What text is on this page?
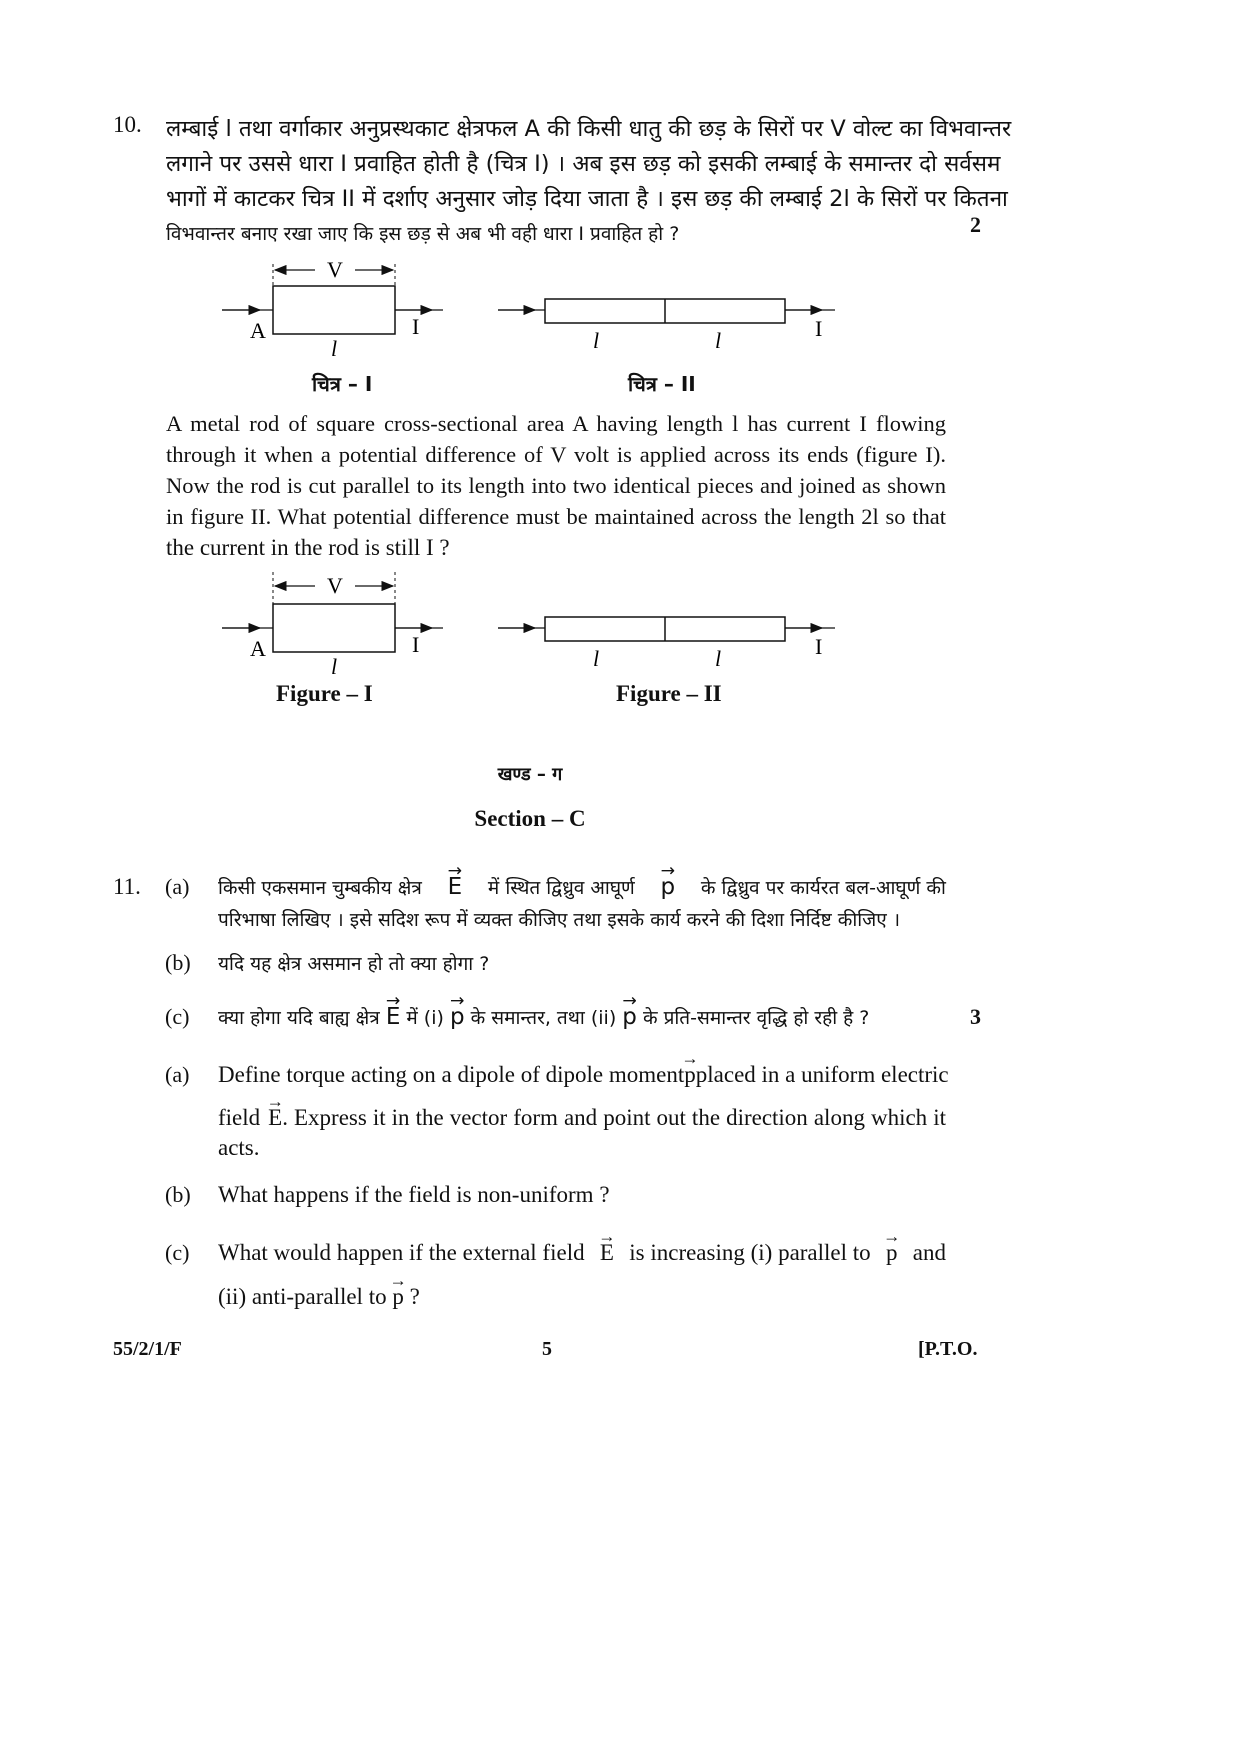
10. लम्बाई l तथा वर्गाकार अनुप्रस्थकाट क्षेत्रफल A की किसी धातु की छड़ के सिरों पर V वोल्ट का विभवान्तर
लगाने पर उससे धारा I प्रवाहित होती है (चित्र I) । अब इस छड़ को इसकी लम्बाई के समान्तर दो सर्वसम
भागों में काटकर चित्र II में दर्शाए अनुसार जोड़ दिया जाता है । इस छड़ की लम्बाई 2l के सिरों पर कितना
विभवान्तर बनाए रखा जाए कि इस छड़ से अब भी वही धारा I प्रवाहित हो ?	2
V
A	I
l	l	l	I
चित्र – I	चित्र – II
A metal rod of square cross-sectional area A having length l has current I flowing
through it when a potential difference of V volt is applied across its ends (figure I).
Now the rod is cut parallel to its length into two identical pieces and joined as shown
in figure II. What potential difference must be maintained across the length 2l so that
the current in the rod is still I ?
V
A	I
l	l	l	I
Figure – I	Figure – II
खण्ड – ग
Section – C
11. (a) किसी एकसमान चुम्बकीय क्षेत्र → E में स्थित द्विध्रुव आघूर्ण → p के द्विध्रुव पर कार्यरत बल-आघूर्ण की
परिभाषा लिखिए । इसे सदिश रूप में व्यक्त कीजिए तथा इसके कार्य करने की दिशा निर्दिष्ट कीजिए ।
(b) यदि यह क्षेत्र असमान हो तो क्या होगा ?
(c) क्या होगा यदि बाह्य क्षेत्र → E में (i) → p के समान्तर, तथा (ii) → p के प्रति-समान्तर वृद्धि हो रही है ?	3
(a) Define torque acting on a dipole of dipole moment → p placed in a uniform electric
field → E . Express it in the vector form and point out the direction along which it
acts.
(b) What happens if the field is non-uniform ?
(c) What would happen if the external field → E is increasing (i) parallel to → p and
(ii) anti-parallel to → p ?
55/2/1/F	5	[P.T.O.
